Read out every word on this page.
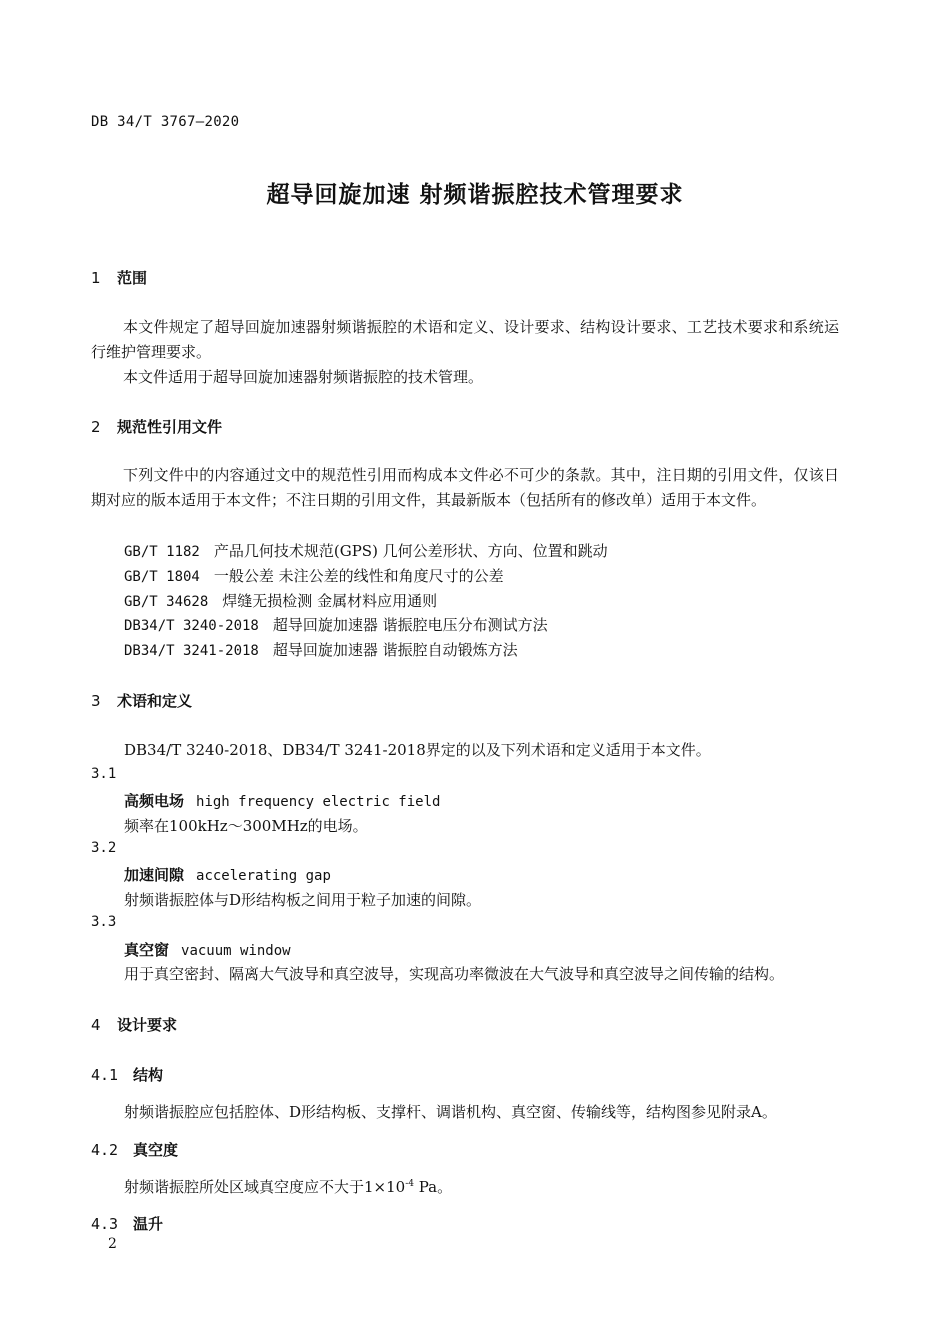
DB 34/T 3767—2020
超导回旋加速 射频谐振腔技术管理要求
1 范围

本文件规定了超导回旋加速器射频谐振腔的术语和定义、设计要求、结构设计要求、工艺技术要求和系统运行维护管理要求。

本文件适用于超导回旋加速器射频谐振腔的技术管理。

2 规范性引用文件

下列文件中的内容通过文中的规范性引用而构成本文件必不可少的条款。其中，注日期的引用文件，仅该日期对应的版本适用于本文件；不注日期的引用文件，其最新版本（包括所有的修改单）适用于本文件。

GB/T 1182 产品几何技术规范(GPS) 几何公差形状、方向、位置和跳动
GB/T 1804 一般公差 未注公差的线性和角度尺寸的公差
GB/T 34628 焊缝无损检测 金属材料应用通则
DB34/T 3240-2018 超导回旋加速器 谐振腔电压分布测试方法
DB34/T 3241-2018 超导回旋加速器 谐振腔自动锻炼方法
3 术语和定义
DB34/T 3240-2018、DB34/T 3241-2018界定的以及下列术语和定义适用于本文件。
3.1
高频电场 high frequency electric field
频率在100kHz～300MHz的电场。
3.2
加速间隙 accelerating gap
射频谐振腔体与D形结构板之间用于粒子加速的间隙。
3.3
真空窗 vacuum window
用于真空密封、隔离大气波导和真空波导，实现高功率微波在大气波导和真空波导之间传输的结构。
4 设计要求
4.1 结构
射频谐振腔应包括腔体、D形结构板、支撑杆、调谐机构、真空窗、传输线等，结构图参见附录A。
4.2 真空度
射频谐振腔所处区域真空度应不大于$1\times 10^{-4}$ Pa。
4.3 温升
2
